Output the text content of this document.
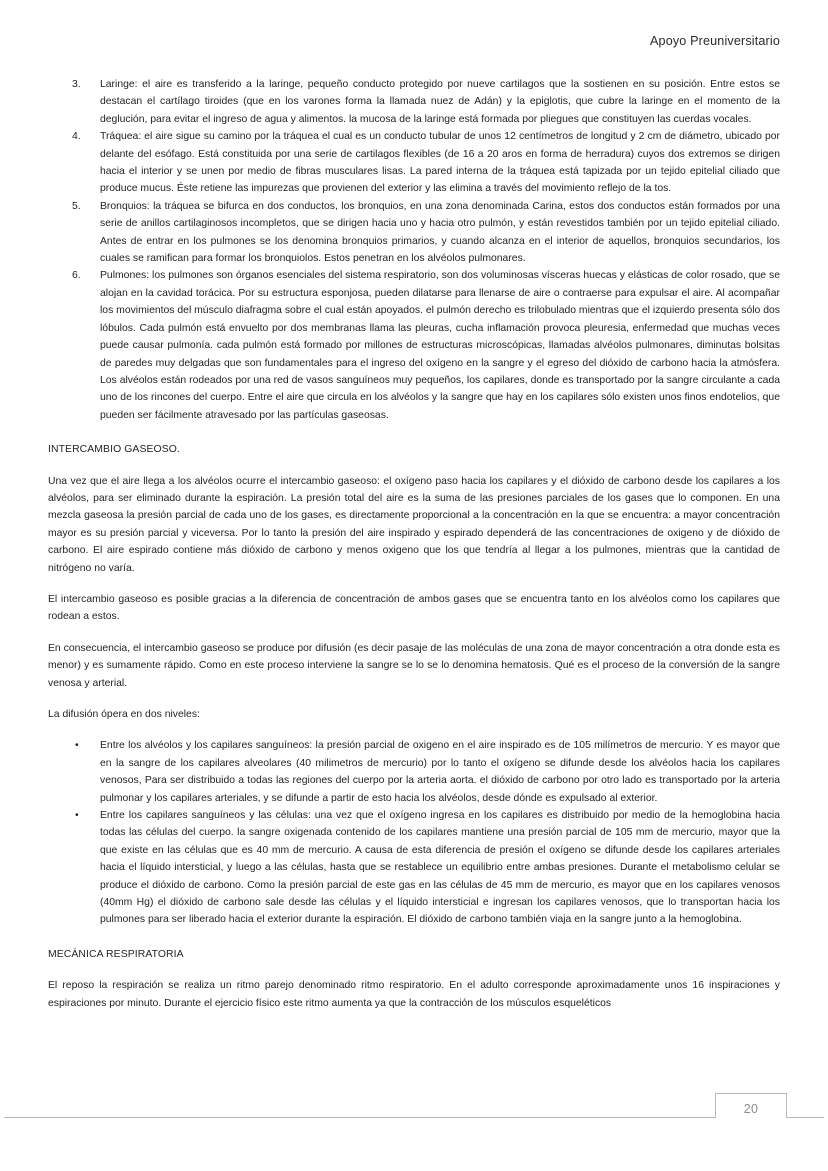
Apoyo Preuniversitario
3.	Laringe: el aire es transferido a la laringe, pequeño conducto protegido por nueve cartilagos que la sostienen en su posición. Entre estos se destacan el cartílago tiroides (que en los varones forma la llamada nuez de Adán) y la epiglotis, que cubre la laringe en el momento de la deglución, para evitar el ingreso de agua y alimentos. la mucosa de la laringe está formada por pliegues que constituyen las cuerdas vocales.

4.	Tráquea: el aire sigue su camino por la tráquea el cual es un conducto tubular de unos 12 centímetros de longitud y 2 cm de diámetro, ubicado por delante del esófago. Está constituida por una serie de cartilagos flexibles (de 16 a 20 aros en forma de herradura) cuyos dos extremos se dirigen hacia el interior y se unen por medio de fibras musculares lisas. La pared interna de la tráquea está tapizada por un tejido epitelial ciliado que produce mucus. Éste retiene las impurezas que provienen del exterior y las elimina a través del movimiento reflejo de la tos.

5.	Bronquios: la tráquea se bifurca en dos conductos, los bronquios, en una zona denominada Carina, estos dos conductos están formados por una serie de anillos cartilaginosos incompletos, que se dirigen hacia uno y hacia otro pulmón, y están revestidos también por un tejido epitelial ciliado. Antes de entrar en los pulmones se los denomina bronquios primarios, y cuando alcanza en el interior de aquellos, bronquios secundarios, los cuales se ramifican para formar los bronquiolos. Estos penetran en los alvéolos pulmonares.

6.	Pulmones: los pulmones son órganos esenciales del sistema respiratorio, son dos voluminosas vísceras huecas y elásticas de color rosado, que se alojan en la cavidad torácica. Por su estructura esponjosa, pueden dilatarse para llenarse de aire o contraerse para expulsar el aire. Al acompañar los movimientos del músculo diafragma sobre el cual están apoyados. el pulmón derecho es trilobulado mientras que el izquierdo presenta sólo dos lóbulos. Cada pulmón está envuelto por dos membranas llama las pleuras, cucha inflamación provoca pleuresia, enfermedad que muchas veces puede causar pulmonía. cada pulmón está formado por millones de estructuras microscópicas, llamadas alvéolos pulmonares, diminutas bolsitas de paredes muy delgadas que son fundamentales para el ingreso del oxígeno en la sangre y el egreso del dióxido de carbono hacia la atmósfera. Los alvéolos están rodeados por una red de vasos sanguíneos muy pequeños, los capilares, donde es transportado por la sangre circulante a cada uno de los rincones del cuerpo. Entre el aire que circula en los alvéolos y la sangre que hay en los capilares sólo existen unos finos endotelios, que pueden ser fácilmente atravesado por las partículas gaseosas.

INTERCAMBIO GASEOSO.

Una vez que el aire llega a los alvéolos ocurre el intercambio gaseoso: el oxígeno paso hacia los capilares y el dióxido de carbono desde los capilares a los alvéolos, para ser eliminado durante la espiración. La presión total del aire es la suma de las presiones parciales de los gases que lo componen. En una mezcla gaseosa la presión parcial de cada uno de los gases, es directamente proporcional a la concentración en la que se encuentra: a mayor concentración mayor es su presión parcial y viceversa. Por lo tanto la presión del aire inspirado y espirado dependerá de las concentraciones de oxigeno y de dióxido de carbono. El aire espirado contiene más dióxido de carbono y menos oxigeno que los que tendría al llegar a los pulmones, mientras que la cantidad de nitrógeno no varía.

El intercambio gaseoso es posible gracias a la diferencia de concentración de ambos gases que se encuentra tanto en los alvéolos como los capilares que rodean a estos.

En consecuencia, el intercambio gaseoso se produce por difusión (es decir pasaje de las moléculas de una zona de mayor concentración a otra donde esta es menor) y es sumamente rápido. Como en este proceso interviene la sangre se lo se lo denomina hematosis. Qué es el proceso de la conversión de la sangre venosa y arterial.

La difusión ópera en dos niveles:

• Entre los alvéolos y los capilares sanguíneos: la presión parcial de oxigeno en el aire inspirado es de 105 milímetros de mercurio. Y es mayor que en la sangre de los capilares alveolares (40 milimetros de mercurio) por lo tanto el oxígeno se difunde desde los alvéolos hacia los capilares venosos, Para ser distribuido a todas las regiones del cuerpo por la arteria aorta. el dióxido de carbono por otro lado es transportado por la arteria pulmonar y los capilares arteriales, y se difunde a partir de esto hacia los alvéolos, desde dónde es expulsado al exterior.

• Entre los capilares sanguíneos y las células: una vez que el oxígeno ingresa en los capilares es distribuido por medio de la hemoglobina hacia todas las células del cuerpo. la sangre oxigenada contenido de los capilares mantiene una presión parcial de 105 mm de mercurio, mayor que la que existe en las células que es 40 mm de mercurio. A causa de esta diferencia de presión el oxígeno se difunde desde los capilares arteriales hacia el líquido intersticial, y luego a las células, hasta que se restablece un equilibrio entre ambas presiones. Durante el metabolismo celular se produce el dióxido de carbono. Como la presión parcial de este gas en las células de 45 mm de mercurio, es mayor que en los capilares venosos (40mm Hg) el dióxido de carbono sale desde las células y el líquido intersticial e ingresan los capilares venosos, que lo transportan hacia los pulmones para ser liberado hacia el exterior durante la espiración. El dióxido de carbono también viaja en la sangre junto a la hemoglobina.

MECÁNICA RESPIRATORIA

El reposo la respiración se realiza un ritmo parejo denominado ritmo respiratorio. En el adulto corresponde aproximadamente unos 16 inspiraciones y espiraciones por minuto. Durante el ejercicio físico este ritmo aumenta ya que la contracción de los músculos esqueléticos

20
